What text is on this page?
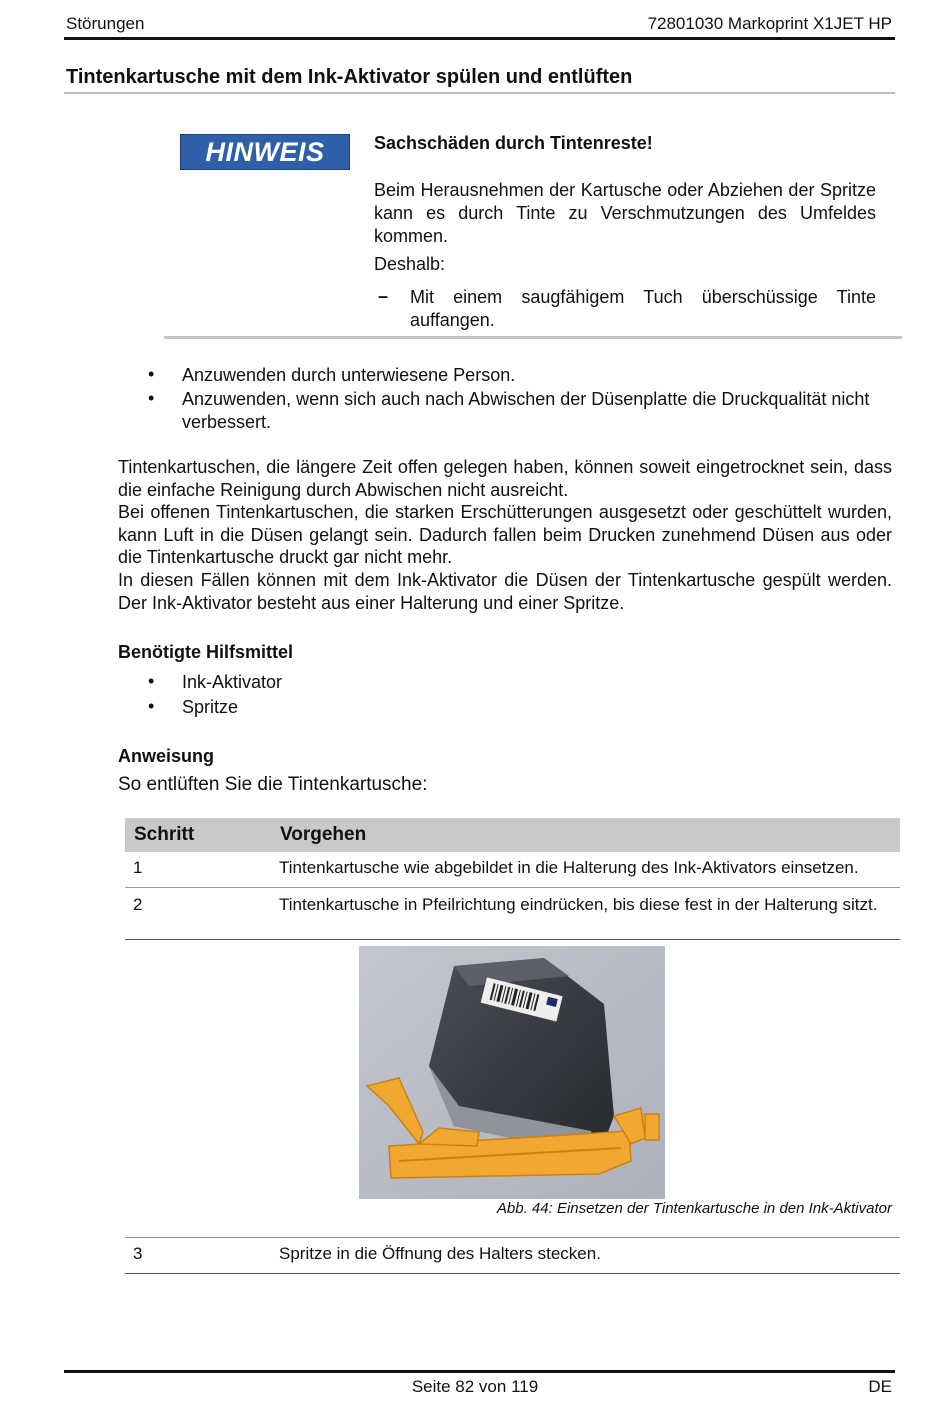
Störungen	72801030 Markoprint X1JET HP
Tintenkartusche mit dem Ink-Aktivator spülen und entlüften
HINWEIS	Sachschäden durch Tintenreste!
Beim Herausnehmen der Kartusche oder Abziehen der Spritze kann es durch Tinte zu Verschmutzungen des Umfeldes kommen.
Deshalb:
– Mit einem saugfähigem Tuch überschüssige Tinte auffangen.
• Anzuwenden durch unterwiesene Person.
• Anzuwenden, wenn sich auch nach Abwischen der Düsenplatte die Druckqualität nicht verbessert.
Tintenkartuschen, die längere Zeit offen gelegen haben, können soweit eingetrocknet sein, dass die einfache Reinigung durch Abwischen nicht ausreicht.
Bei offenen Tintenkartuschen, die starken Erschütterungen ausgesetzt oder geschüttelt wurden, kann Luft in die Düsen gelangt sein. Dadurch fallen beim Drucken zunehmend Düsen aus oder die Tintenkartusche druckt gar nicht mehr.
In diesen Fällen können mit dem Ink-Aktivator die Düsen der Tintenkartusche gespült werden. Der Ink-Aktivator besteht aus einer Halterung und einer Spritze.
Benötigte Hilfsmittel
• Ink-Aktivator
• Spritze
Anweisung
So entlüften Sie die Tintenkartusche:
Schritt	Vorgehen
1	Tintenkartusche wie abgebildet in die Halterung des Ink-Aktivators einsetzen.
2	Tintenkartusche in Pfeilrichtung eindrücken, bis diese fest in der Halterung sitzt.
Abb. 44: Einsetzen der Tintenkartusche in den Ink-Aktivator
3	Spritze in die Öffnung des Halters stecken.
Seite 82 von 119	DE
